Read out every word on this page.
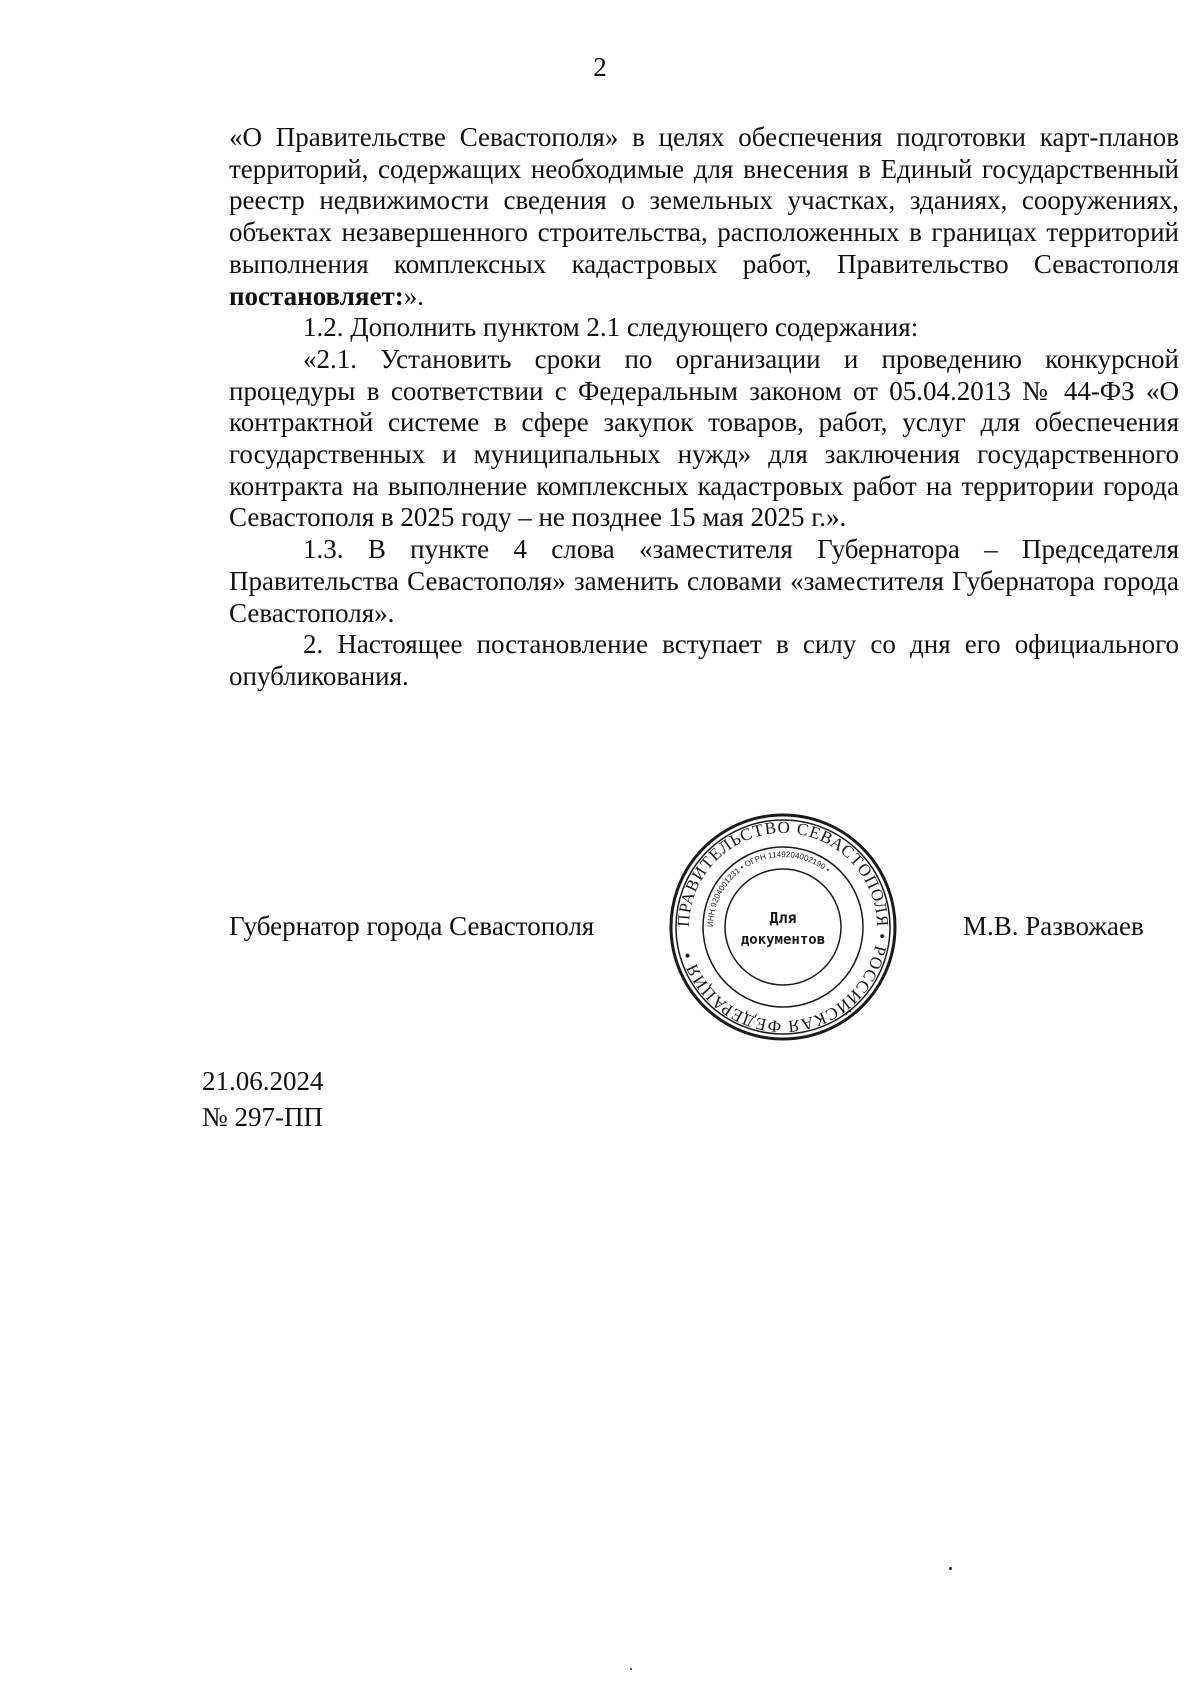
2

«О Правительстве Севастополя» в целях обеспечения подготовки карт-планов территорий, содержащих необходимые для внесения в Единый государственный реестр недвижимости сведения о земельных участках, зданиях, сооружениях, объектах незавершенного строительства, расположенных в границах территорий выполнения комплексных кадастровых работ, Правительство Севастополя постановляет:».

1.2. Дополнить пунктом 2.1 следующего содержания:

«2.1. Установить сроки по организации и проведению конкурсной процедуры в соответствии с Федеральным законом от 05.04.2013 № 44-ФЗ «О контрактной системе в сфере закупок товаров, работ, услуг для обеспечения государственных и муниципальных нужд» для заключения государственного контракта на выполнение комплексных кадастровых работ на территории города Севастополя в 2025 году – не позднее 15 мая 2025 г.».

1.3. В пункте 4 слова «заместителя Губернатора – Председателя Правительства Севастополя» заменить словами «заместителя Губернатора города Севастополя».

2. Настоящее постановление вступает в силу со дня его официального опубликования.

Губернатор города Севастополя	М.В. Развожаев
ПРАВИТЕЛЬСТВО СЕВАСТОПОЛЯ • РОССИЙСКАЯ ФЕДЕРАЦИЯ •
ИНН 9204001231 • ОГРН 1149204002190 •
Для
документов
21.06.2024
№ 297-ПП
